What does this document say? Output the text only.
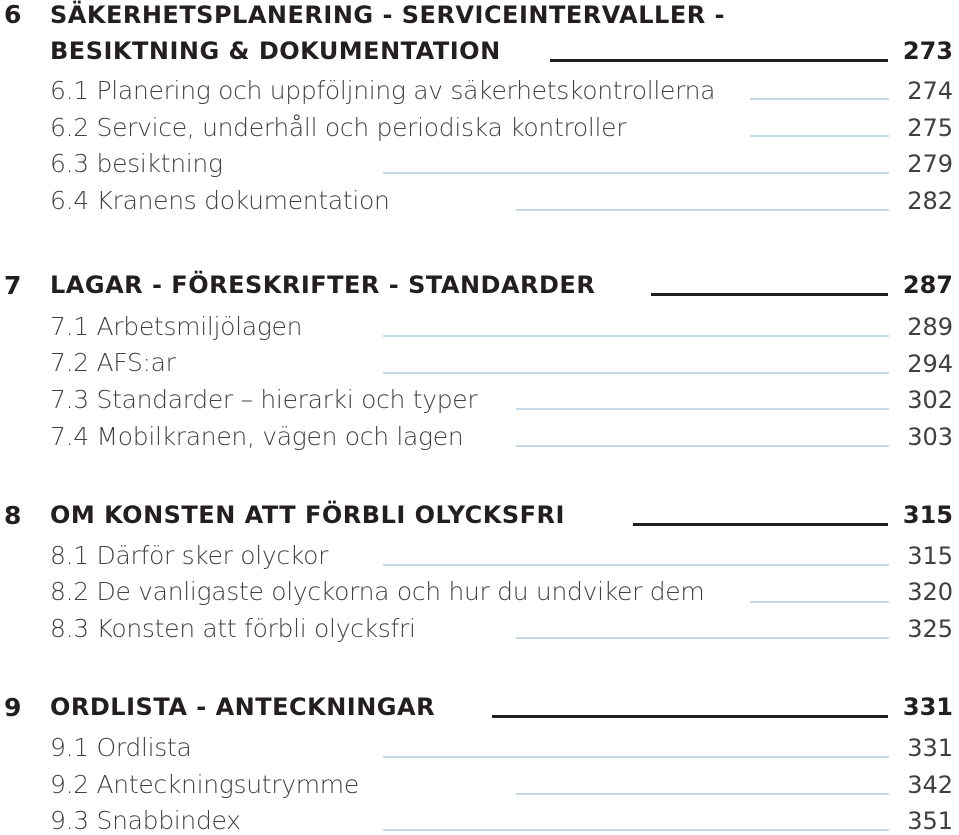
6 SÄKERHETSPLANERING - SERVICEINTERVALLER -
BESIKTNING & DOKUMENTATION	273
6.1 Planering och uppföljning av säkerhetskontrollerna	274
6.2 Service, underhåll och periodiska kontroller	275
6.3 besiktning	279
6.4 Kranens dokumentation	282
7 LAGAR - FÖRESKRIFTER - STANDARDER	287
7.1 Arbetsmiljölagen	289
7.2 AFS:ar	294
7.3 Standarder – hierarki och typer	302
7.4 Mobilkranen, vägen och lagen	303
8 OM KONSTEN ATT FÖRBLI OLYCKSFRI	315
8.1 Därför sker olyckor	315
8.2 De vanligaste olyckorna och hur du undviker dem	320
8.3 Konsten att förbli olycksfri	325
9 ORDLISTA - ANTECKNINGAR	331
9.1 Ordlista	331
9.2 Anteckningsutrymme	342
9.3 Snabbindex	351
